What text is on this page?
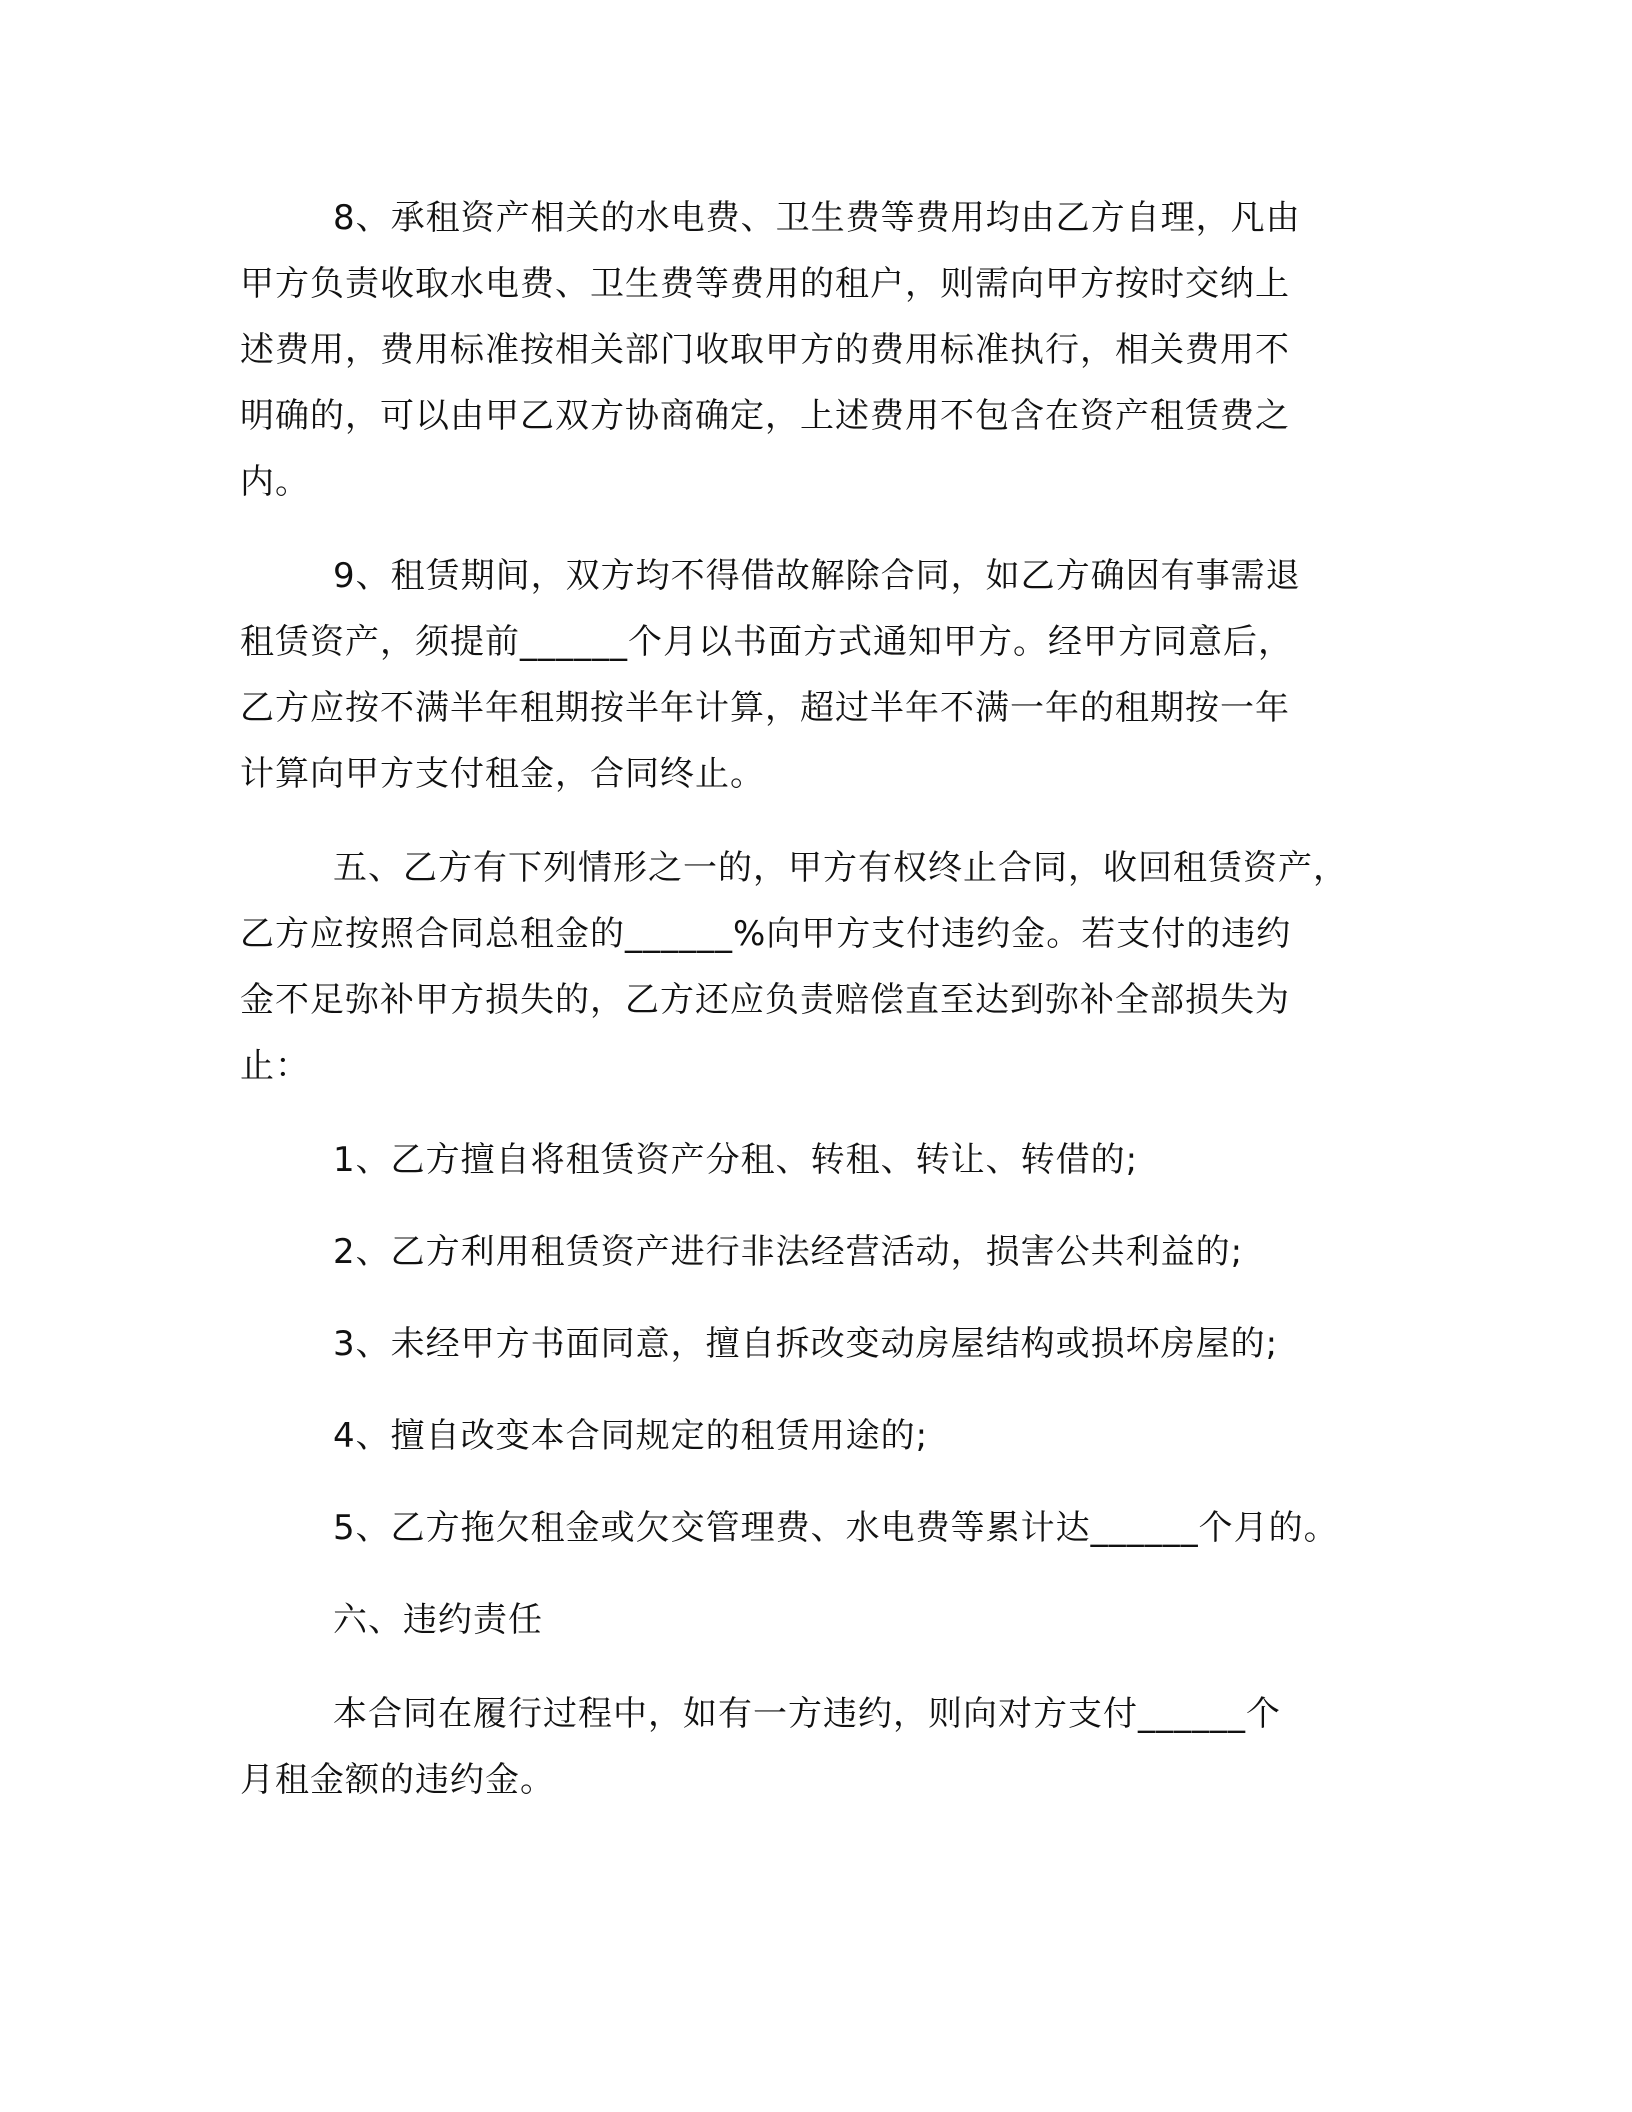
8、承租资产相关的水电费、卫生费等费用均由乙方自理，凡由
甲方负责收取水电费、卫生费等费用的租户，则需向甲方按时交纳上
述费用，费用标准按相关部门收取甲方的费用标准执行，相关费用不
明确的，可以由甲乙双方协商确定，上述费用不包含在资产租赁费之
内。
9、租赁期间，双方均不得借故解除合同，如乙方确因有事需退
租赁资产，须提前______个月以书面方式通知甲方。经甲方同意后，
乙方应按不满半年租期按半年计算，超过半年不满一年的租期按一年
计算向甲方支付租金，合同终止。
五、乙方有下列情形之一的，甲方有权终止合同，收回租赁资产，
乙方应按照合同总租金的______%向甲方支付违约金。若支付的违约
金不足弥补甲方损失的，乙方还应负责赔偿直至达到弥补全部损失为
止：
1、乙方擅自将租赁资产分租、转租、转让、转借的;
2、乙方利用租赁资产进行非法经营活动，损害公共利益的;
3、未经甲方书面同意，擅自拆改变动房屋结构或损坏房屋的;
4、擅自改变本合同规定的租赁用途的;
5、乙方拖欠租金或欠交管理费、水电费等累计达______个月的。
六、违约责任
本合同在履行过程中，如有一方违约，则向对方支付______个
月租金额的违约金。
